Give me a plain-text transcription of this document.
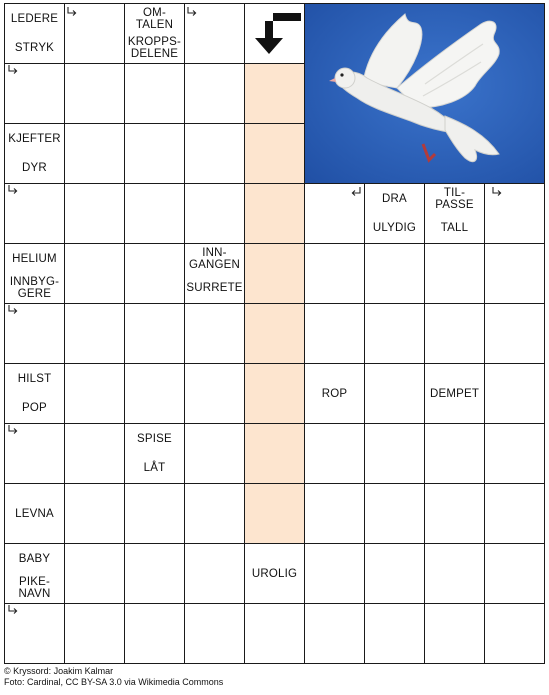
LEDERE
STRYK
OM-
TALEN
KROPPS-
DELENE
KJEFTER
DYR
DRA
ULYDIG
TIL-
PASSE
TALL
HELIUM
INNBYG-
GERE
INN-
GANGEN
SURRETE
HILST
POP
ROP	DEMPET
SPISE
LÅT
LEVNA
BABY
PIKE-
NAVN
UROLIG
© Kryssord: Joakim Kalmar
Foto: Cardinal, CC BY-SA 3.0 via Wikimedia Commons
